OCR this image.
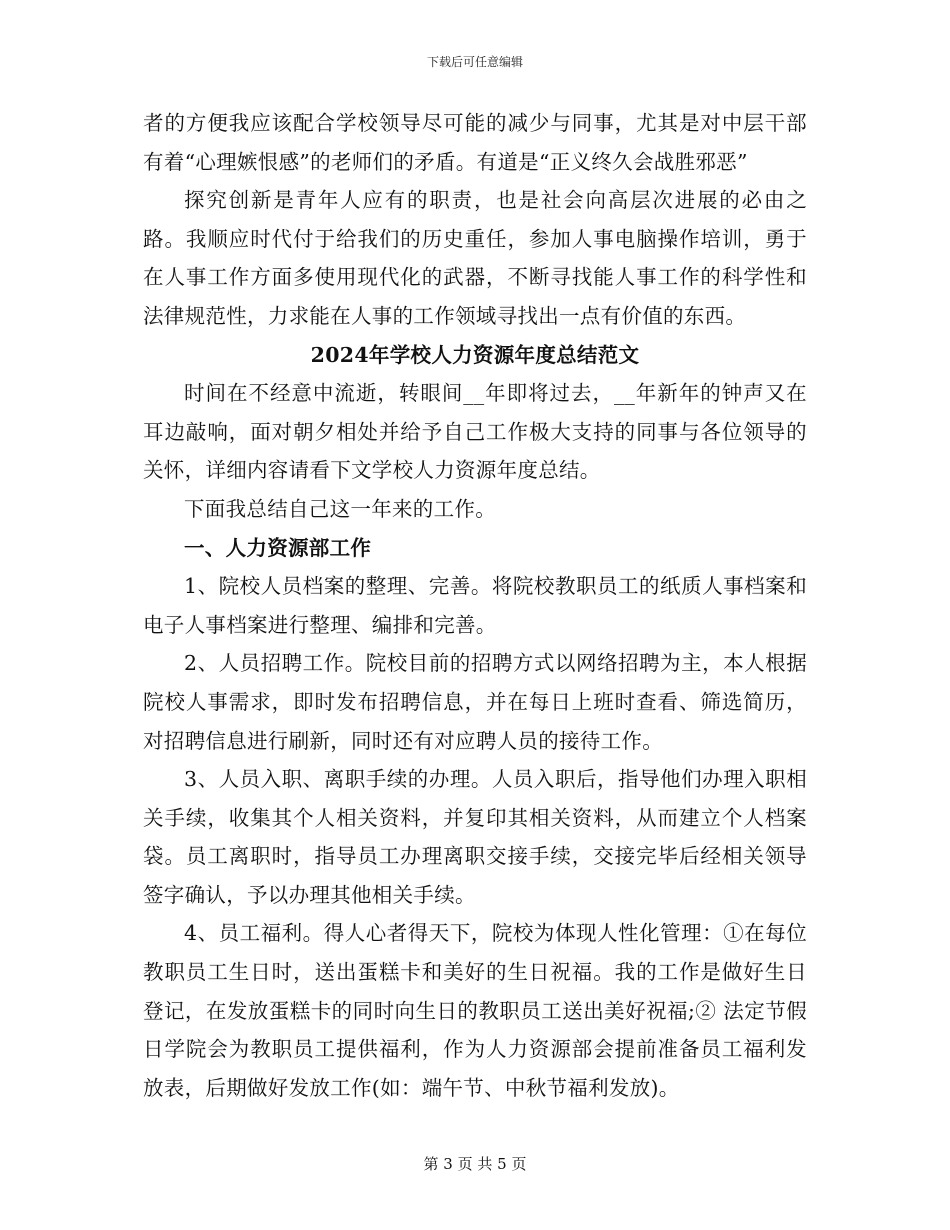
下载后可任意编辑

者的方便我应该配合学校领导尽可能的减少与同事，尤其是对中层干部有着“心理嫉恨感”的老师们的矛盾。有道是“正义终久会战胜邪恶”

探究创新是青年人应有的职责，也是社会向高层次进展的必由之路。我顺应时代付于给我们的历史重任，参加人事电脑操作培训，勇于在人事工作方面多使用现代化的武器，不断寻找能人事工作的科学性和法律规范性，力求能在人事的工作领域寻找出一点有价值的东西。

2024年学校人力资源年度总结范文

时间在不经意中流逝，转眼间__年即将过去，__年新年的钟声又在耳边敲响，面对朝夕相处并给予自己工作极大支持的同事与各位领导的关怀，详细内容请看下文学校人力资源年度总结。

下面我总结自己这一年来的工作。

一、人力资源部工作

1、院校人员档案的整理、完善。将院校教职员工的纸质人事档案和电子人事档案进行整理、编排和完善。

2、人员招聘工作。院校目前的招聘方式以网络招聘为主，本人根据院校人事需求，即时发布招聘信息，并在每日上班时查看、筛选简历，对招聘信息进行刷新，同时还有对应聘人员的接待工作。

3、人员入职、离职手续的办理。人员入职后，指导他们办理入职相关手续，收集其个人相关资料，并复印其相关资料，从而建立个人档案袋。员工离职时，指导员工办理离职交接手续，交接完毕后经相关领导签字确认，予以办理其他相关手续。

4、员工福利。得人心者得天下，院校为体现人性化管理：①在每位教职员工生日时，送出蛋糕卡和美好的生日祝福。我的工作是做好生日登记，在发放蛋糕卡的同时向生日的教职员工送出美好祝福;② 法定节假日学院会为教职员工提供福利，作为人力资源部会提前准备员工福利发放表，后期做好发放工作(如：端午节、中秋节福利发放)。

第 3 页 共 5 页
